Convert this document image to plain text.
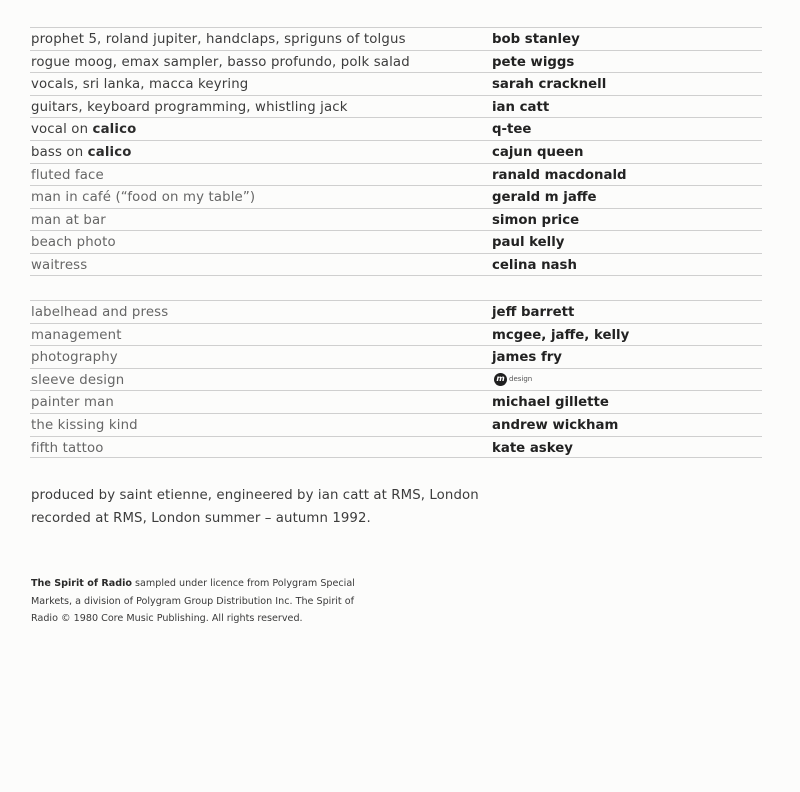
prophet 5, roland jupiter, handclaps, spriguns of tolgus	bob stanley
rogue moog, emax sampler, basso profundo, polk salad	pete wiggs
vocals, sri lanka, macca keyring	sarah cracknell
guitars, keyboard programming, whistling jack	ian catt
vocal on calico	q-tee
bass on calico	cajun queen
fluted face	ranald macdonald
man in café (“food on my table”)	gerald m jaffe
man at bar	simon price
beach photo	paul kelly
waitress	celina nash
labelhead and press	jeff barrett
management	mcgee, jaffe, kelly
photography	james fry
sleeve design	m design
painter man	michael gillette
the kissing kind	andrew wickham
fifth tattoo	kate askey
produced by saint etienne, engineered by ian catt at RMS, London
recorded at RMS, London summer – autumn 1992.
The Spirit of Radio sampled under licence from Polygram Special
Markets, a division of Polygram Group Distribution Inc. The Spirit of
Radio © 1980 Core Music Publishing. All rights reserved.
